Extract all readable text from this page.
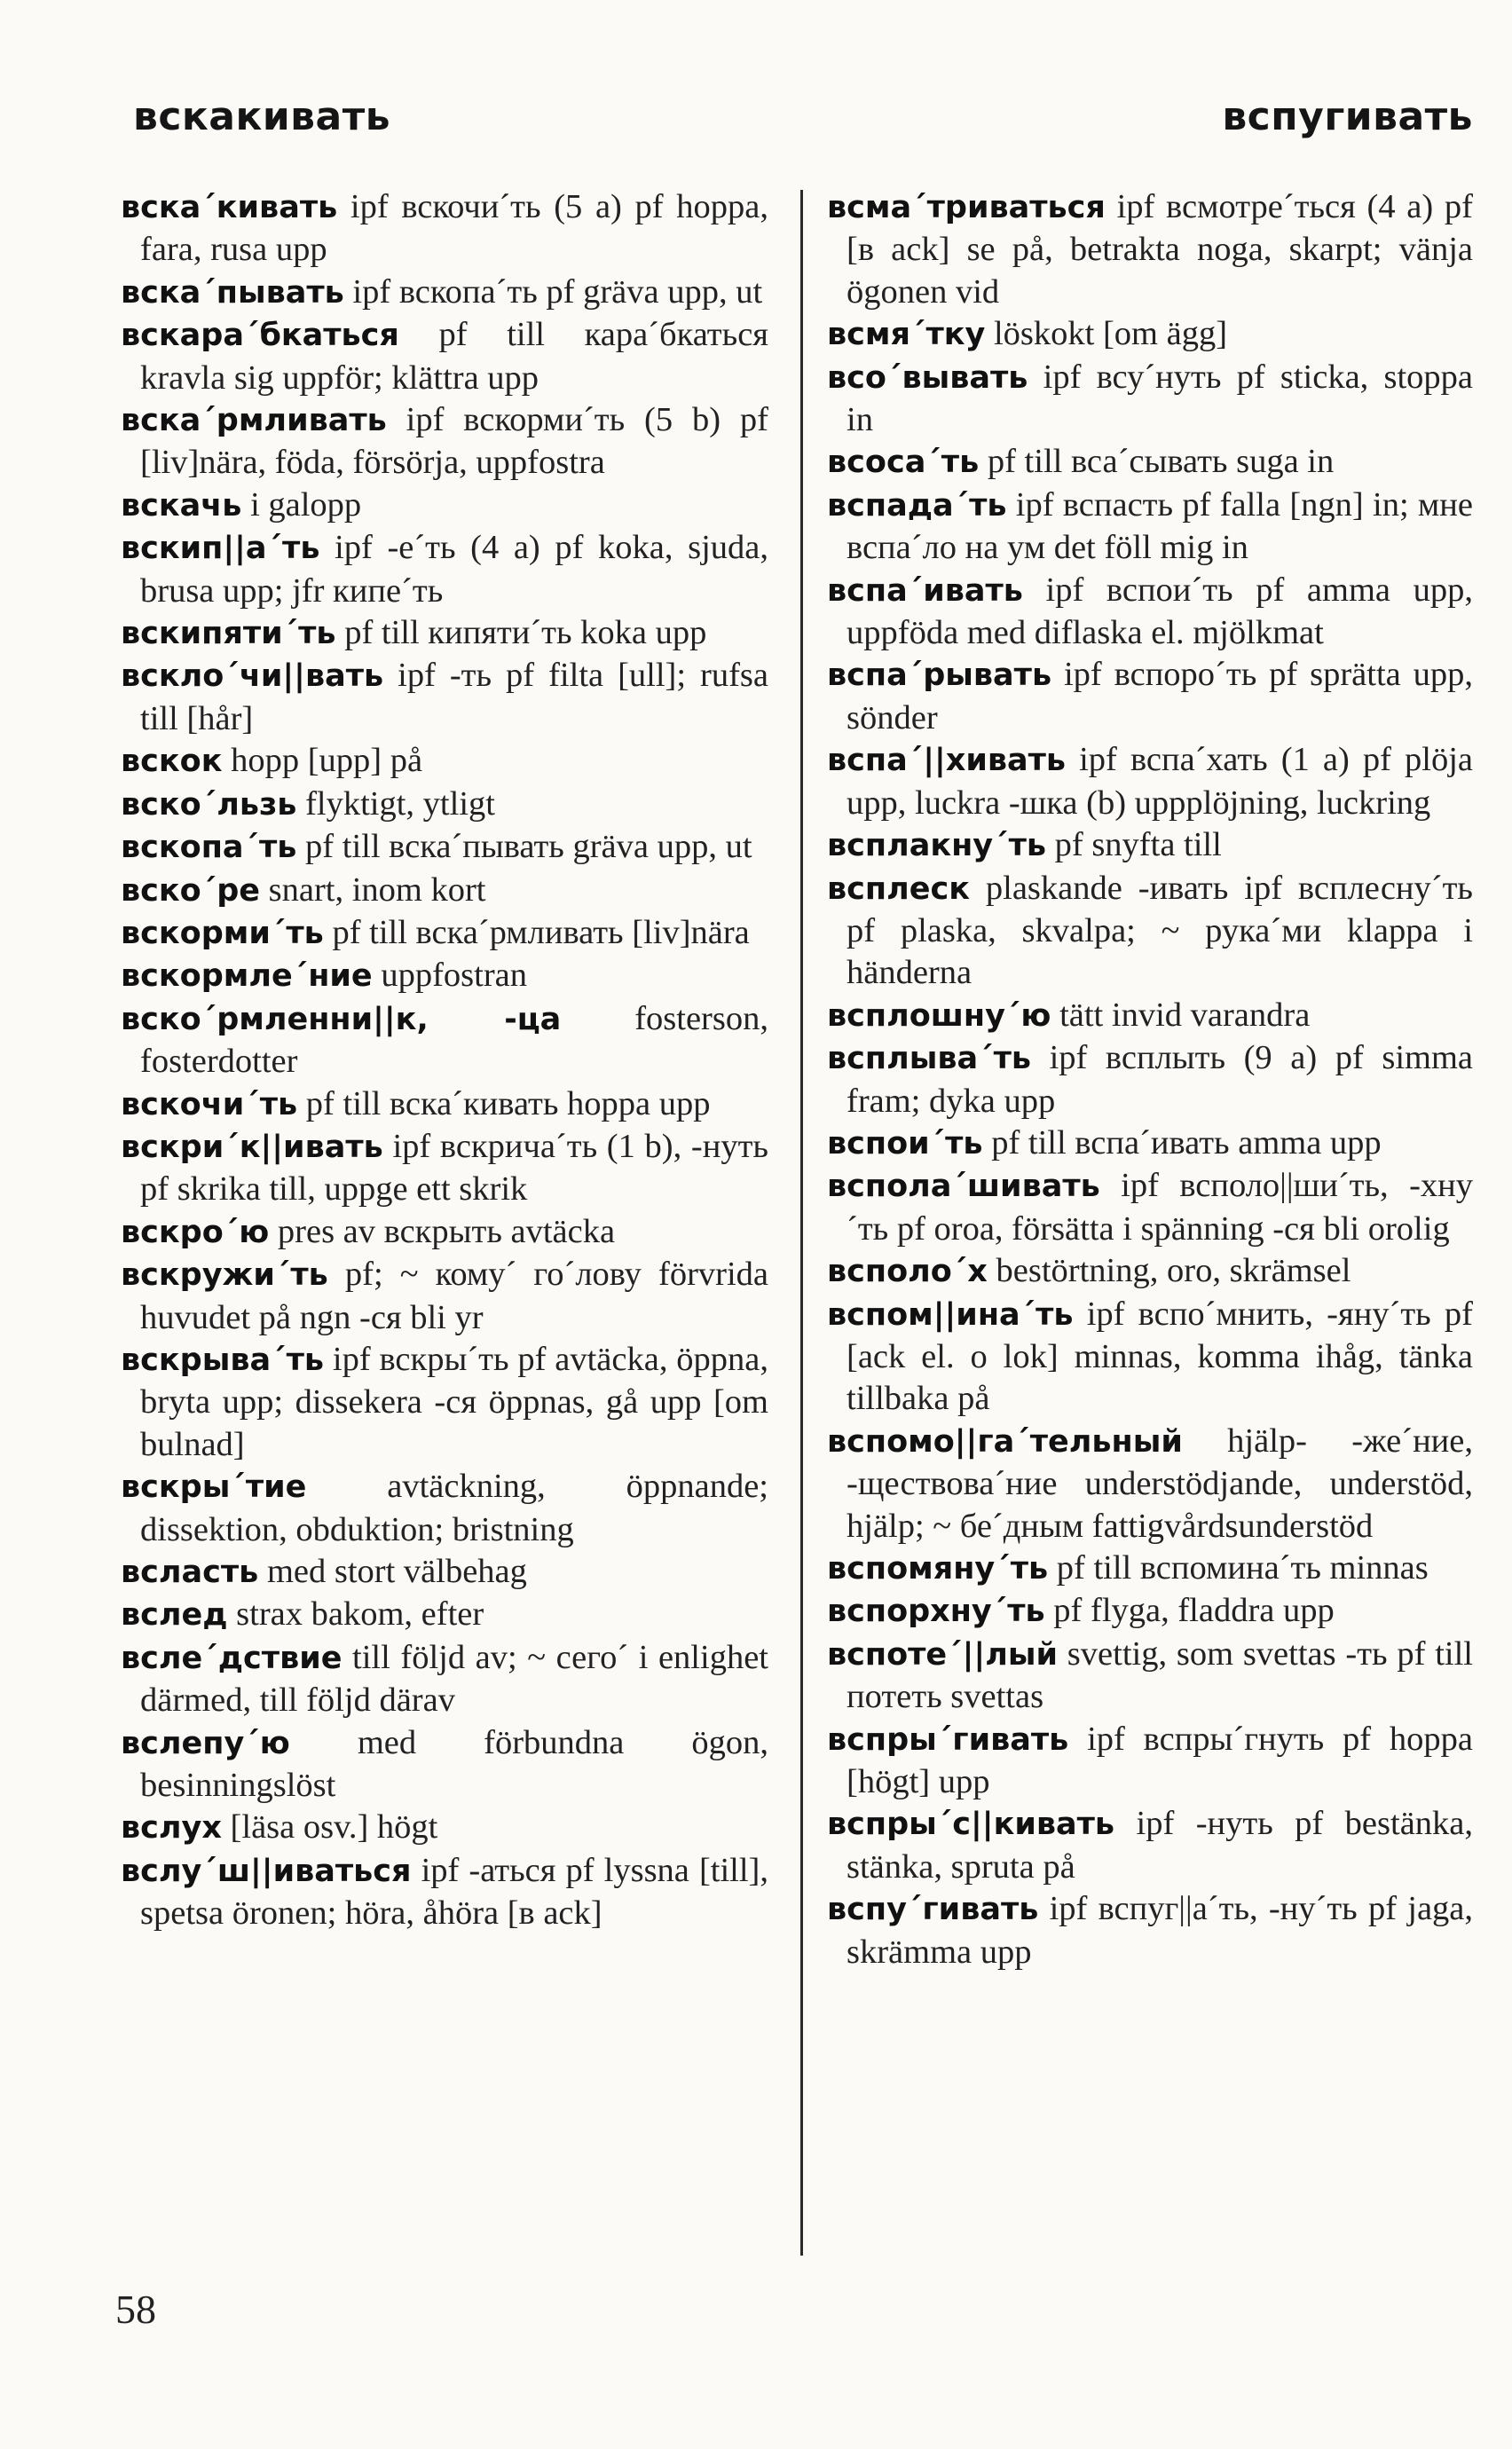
вскакивать	вспугивать

вска´кивать ipf вскочи´ть (5 a) pf hoppa, fara, rusa upp

вска´пывать ipf вскопа´ть pf gräva upp, ut

вскара´бкаться pf till кара´бкаться kravla sig uppför; klättra upp

вска´рмливать ipf вскорми´ть (5 b) pf [liv]nära, föda, försörja, uppfostra

вскачь i galopp

вскип||а´ть ipf -е´ть (4 a) pf koka, sjuda, brusa upp; jfr кипе´ть

вскипяти´ть pf till кипяти´ть koka upp

вскло´чи||вать ipf -ть pf filta [ull]; rufsa till [hår]

вскок hopp [upp] på

вско´льзь flyktigt, ytligt

вскопа´ть pf till вска´пывать gräva upp, ut

вско´ре snart, inom kort

вскорми´ть pf till вска´рмливать [liv]nära

вскормле´ние uppfostran

вско´рмленни||к, -ца fosterson, fosterdotter

вскочи´ть pf till вска´кивать hoppa upp

вскри´к||ивать ipf вскрича´ть (1 b), -нуть pf skrika till, uppge ett skrik

вскро´ю pres av вскрыть avtäcka

вскружи´ть pf; ~ кому´ го´лову förvrida huvudet på ngn -ся bli yr

вскрыва´ть ipf вскры´ть pf avtäcka, öppna, bryta upp; dissekera -ся öppnas, gå upp [om bulnad]

вскры´тие avtäckning, öppnande; dissektion, obduktion; bristning

всласть med stort välbehag

вслед strax bakom, efter

всле´дствие till följd av; ~ сего´ i enlighet därmed, till följd därav

вслепу´ю med förbundna ögon, besinningslöst

вслух [läsa osv.] högt

вслу´ш||иваться ipf -аться pf lyssna [till], spetsa öronen; höra, åhöra [в ack]

всма´триваться ipf всмотре´ться (4 a) pf [в ack] se på, betrakta noga, skarpt; vänja ögonen vid

всмя´тку löskokt [om ägg]

всо´вывать ipf всу´нуть pf sticka, stoppa in

всоса´ть pf till вса´сывать suga in

вспада´ть ipf вспасть pf falla [ngn] in; мне вспа´ло на ум det föll mig in

вспа´ивать ipf вспои´ть pf amma upp, uppföda med diflaska el. mjölkmat

вспа´рывать ipf вспоро´ть pf sprätta upp, sönder

вспа´||хивать ipf вспа´хать (1 a) pf plöja upp, luckra -шка (b) uppplöjning, luckring

всплакну´ть pf snyfta till

всплеск plaskande -ивать ipf всплесну´ть pf plaska, skvalpa; ~ рука´ми klappa i händerna

всплошну´ю tätt invid varandra

всплыва´ть ipf всплыть (9 a) pf simma fram; dyka upp

вспои´ть pf till вспа´ивать amma upp

вспола´шивать ipf всполо||ши´ть, -хну´ть pf oroa, försätta i spänning -ся bli orolig

всполо´х bestörtning, oro, skrämsel

вспом||ина´ть ipf вспо´мнить, -яну´ть pf [ack el. o lok] minnas, komma ihåg, tänka tillbaka på

вспомо||га´тельный hjälp- -же´ние, -ществова´ние understödjande, understöd, hjälp; ~ бе´дным fattigvårdsunderstöd

вспомяну´ть pf till вспомина´ть minnas

вспорхну´ть pf flyga, fladdra upp

вспоте´||лый svettig, som svettas -ть pf till потеть svettas

вспры´гивать ipf вспры´гнуть pf hoppa [högt] upp

вспры´с||кивать ipf -нуть pf bestänka, stänka, spruta på

вспу´гивать ipf вспуг||а´ть, -ну´ть pf jaga, skrämma upp

58
